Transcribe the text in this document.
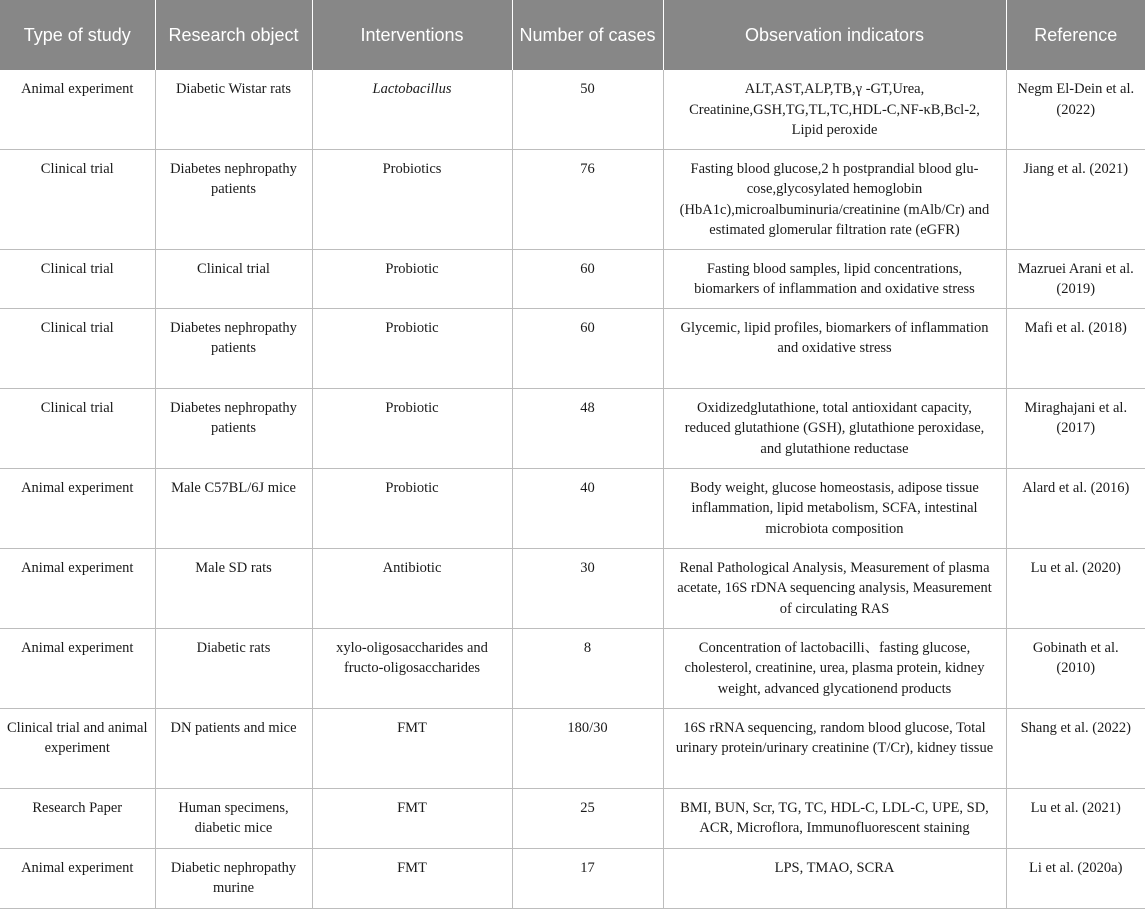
Type of study	Research object	Interventions	Number of cases	Observation indicators	Reference
Animal experiment	Diabetic Wistar rats	Lactobacillus	50	ALT,AST,ALP,TB,γ -GT,Urea, Creatinine,GSH,TG,TL,TC,HDL-C,NF-κB,Bcl-2, Lipid peroxide	Negm El-Dein et al. (2022)
Clinical trial	Diabetes nephropathy patients	Probiotics	76	Fasting blood glucose,2 h postprandial blood glu-cose,glycosylated hemoglobin (HbA1c),microalbuminuria/creatinine (mAlb/Cr) and estimated glomerular filtration rate (eGFR)	Jiang et al. (2021)
Clinical trial	Clinical trial	Probiotic	60	Fasting blood samples, lipid concentrations, biomarkers of inflammation and oxidative stress	Mazruei Arani et al. (2019)
Clinical trial	Diabetes nephropathy patients	Probiotic	60	Glycemic, lipid profiles, biomarkers of inflammation and oxidative stress	Mafi et al. (2018)
Clinical trial	Diabetes nephropathy patients	Probiotic	48	Oxidizedglutathione, total antioxidant capacity, reduced glutathione (GSH), glutathione peroxidase, and glutathione reductase	Miraghajani et al. (2017)
Animal experiment	Male C57BL/6J mice	Probiotic	40	Body weight, glucose homeostasis, adipose tissue inflammation, lipid metabolism, SCFA, intestinal microbiota composition	Alard et al. (2016)
Animal experiment	Male SD rats	Antibiotic	30	Renal Pathological Analysis, Measurement of plasma acetate, 16S rDNA sequencing analysis, Measurement of circulating RAS	Lu et al. (2020)
Animal experiment	Diabetic rats	xylo-oligosaccharides and fructo-oligosaccharides	8	Concentration of lactobacilli、fasting glucose, cholesterol, creatinine, urea, plasma protein, kidney weight, advanced glycationend products	Gobinath et al. (2010)
Clinical trial and animal experiment	DN patients and mice	FMT	180/30	16S rRNA sequencing, random blood glucose, Total urinary protein/urinary creatinine (T/Cr), kidney tissue	Shang et al. (2022)
Research Paper	Human specimens, diabetic mice	FMT	25	BMI, BUN, Scr, TG, TC, HDL-C, LDL-C, UPE, SD, ACR, Microflora, Immunofluorescent staining	Lu et al. (2021)
Animal experiment	Diabetic nephropathy murine	FMT	17	LPS, TMAO, SCRA	Li et al. (2020a)
